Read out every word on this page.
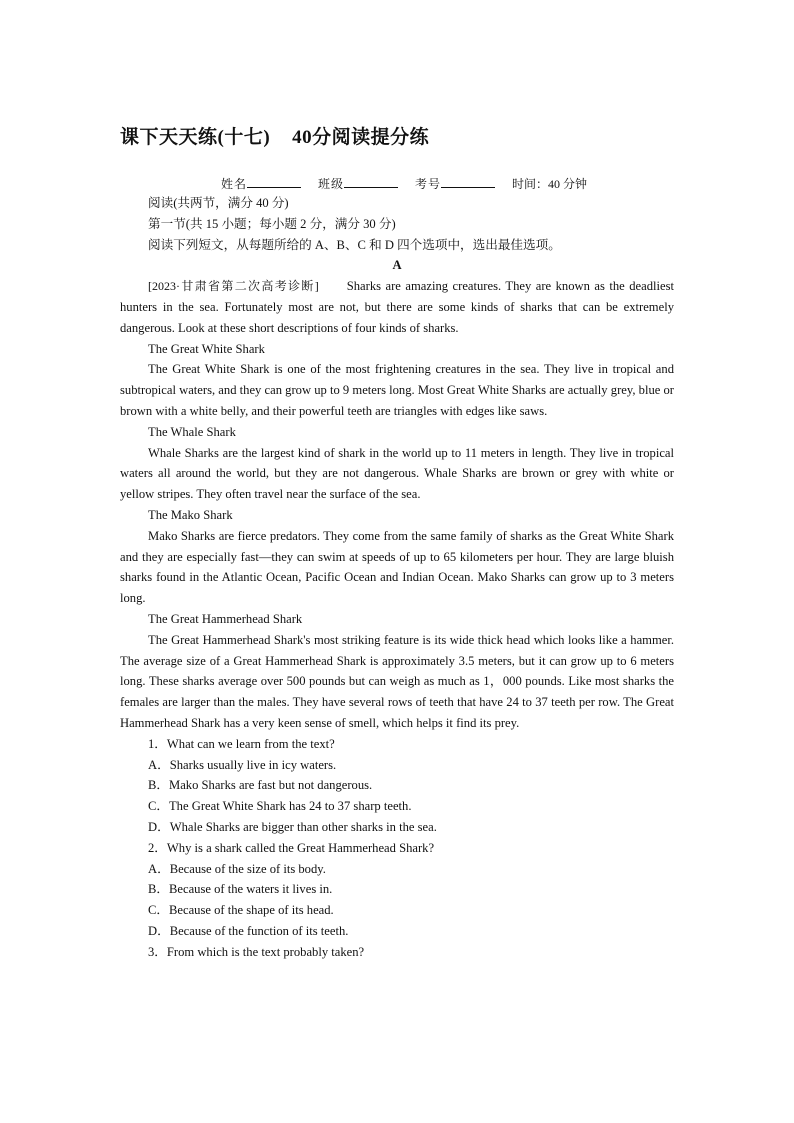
课下天天练(十七) 40分阅读提分练
姓名	班级	考号	时间：40 分钟

阅读(共两节，满分 40 分)

第一节(共 15 小题；每小题 2 分，满分 30 分)

阅读下列短文，从每题所给的 A、B、C 和 D 四个选项中，选出最佳选项。

A

[2023·甘肃省第二次高考诊断] Sharks are amazing creatures. They are known as the deadliest hunters in the sea. Fortunately most are not, but there are some kinds of sharks that can be extremely dangerous. Look at these short descriptions of four kinds of sharks.

The Great White Shark

The Great White Shark is one of the most frightening creatures in the sea. They live in tropical and subtropical waters, and they can grow up to 9 meters long. Most Great White Sharks are actually grey, blue or brown with a white belly, and their powerful teeth are triangles with edges like saws.

The Whale Shark

Whale Sharks are the largest kind of shark in the world up to 11 meters in length. They live in tropical waters all around the world, but they are not dangerous. Whale Sharks are brown or grey with white or yellow stripes. They often travel near the surface of the sea.

The Mako Shark

Mako Sharks are fierce predators. They come from the same family of sharks as the Great White Shark and they are especially fast—they can swim at speeds of up to 65 kilometers per hour. They are large bluish sharks found in the Atlantic Ocean, Pacific Ocean and Indian Ocean. Mako Sharks can grow up to 3 meters long.

The Great Hammerhead Shark

The Great Hammerhead Shark's most striking feature is its wide thick head which looks like a hammer. The average size of a Great Hammerhead Shark is approximately 3.5 meters, but it can grow up to 6 meters long. These sharks average over 500 pounds but can weigh as much as 1，000 pounds. Like most sharks the females are larger than the males. They have several rows of teeth that have 24 to 37 teeth per row. The Great Hammerhead Shark has a very keen sense of smell, which helps it find its prey.

1．What can we learn from the text?

A．Sharks usually live in icy waters.

B．Mako Sharks are fast but not dangerous.

C．The Great White Shark has 24 to 37 sharp teeth.

D．Whale Sharks are bigger than other sharks in the sea.

2．Why is a shark called the Great Hammerhead Shark?

A．Because of the size of its body.

B．Because of the waters it lives in.

C．Because of the shape of its head.

D．Because of the function of its teeth.

3．From which is the text probably taken?
